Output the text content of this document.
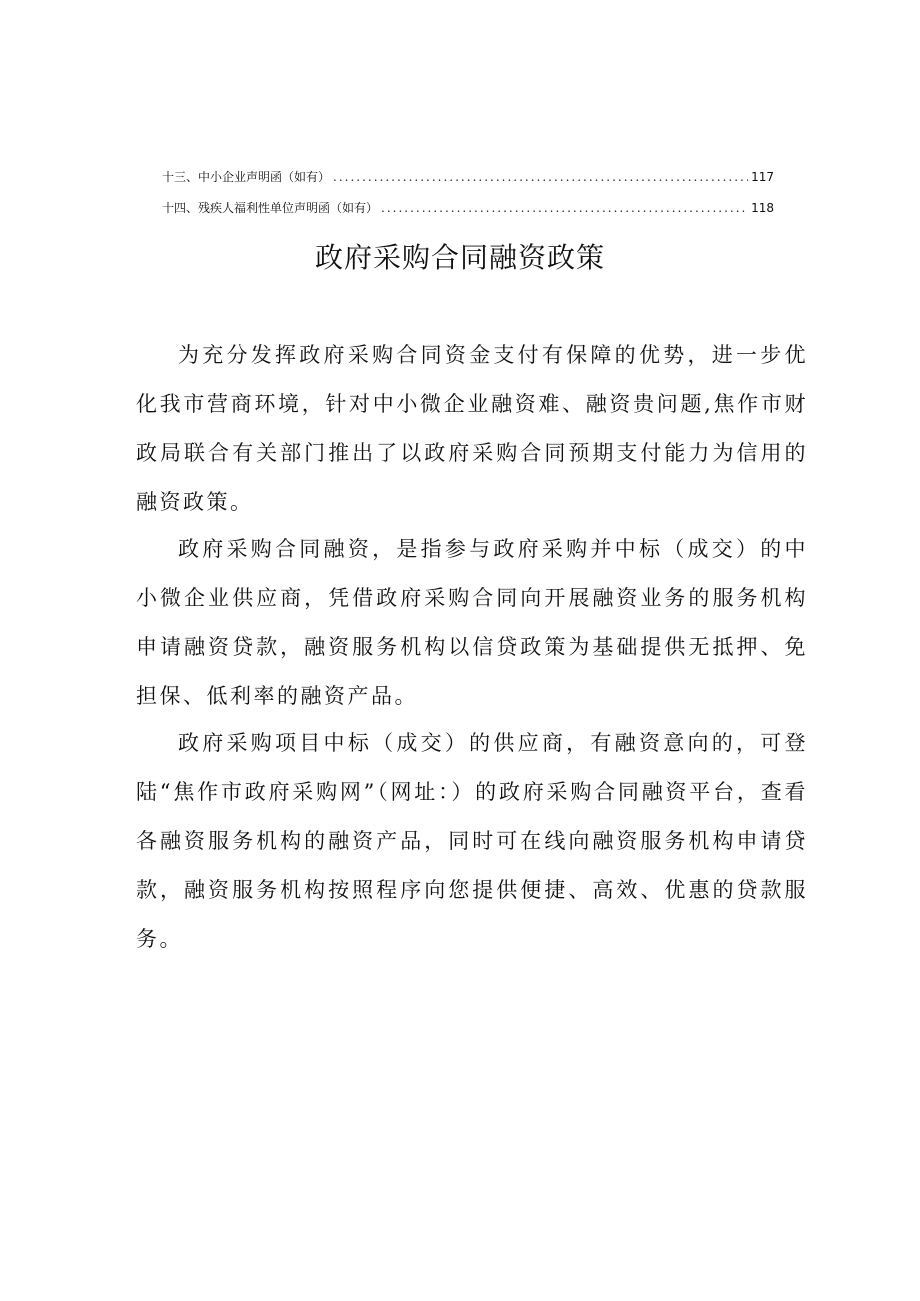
十三、中小企业声明函（如有） .....	117
十四、残疾人福利性单位声明函（如有） .....	118
政府采购合同融资政策

为充分发挥政府采购合同资金支付有保障的优势，进一步优化我市营商环境，针对中小微企业融资难、融资贵问题,焦作市财政局联合有关部门推出了以政府采购合同预期支付能力为信用的融资政策。

政府采购合同融资，是指参与政府采购并中标（成交）的中小微企业供应商，凭借政府采购合同向开展融资业务的服务机构申请融资贷款，融资服务机构以信贷政策为基础提供无抵押、免担保、低利率的融资产品。

政府采购项目中标（成交）的供应商，有融资意向的，可登陆“焦作市政府采购网”（网址：）的政府采购合同融资平台，查看各融资服务机构的融资产品，同时可在线向融资服务机构申请贷款，融资服务机构按照程序向您提供便捷、高效、优惠的贷款服务。
